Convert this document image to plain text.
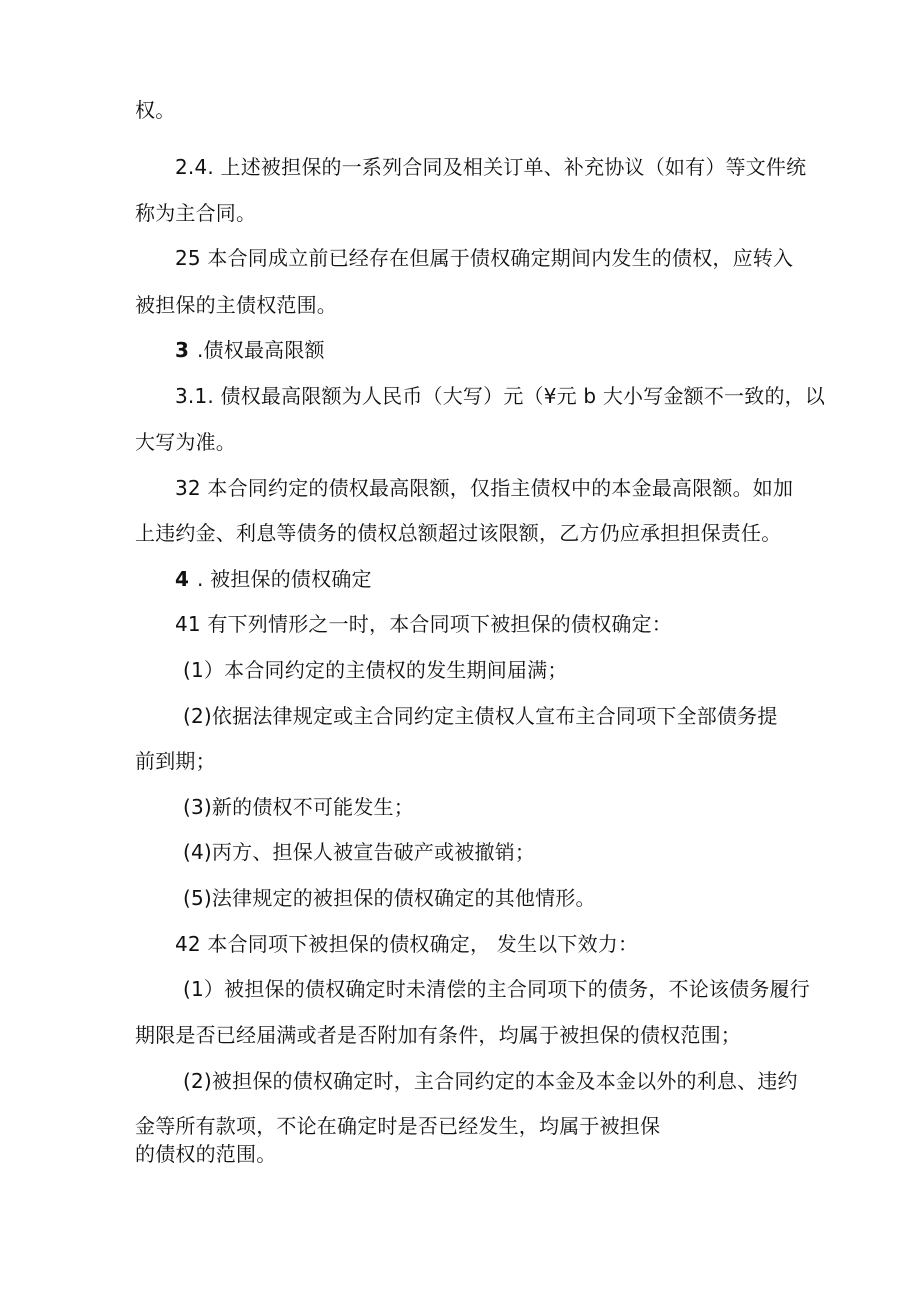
权。
2.4. 上述被担保的一系列合同及相关订单、补充协议（如有）等文件统
称为主合同。
25 本合同成立前已经存在但属于债权确定期间内发生的债权，应转入
被担保的主债权范围。
3 .债权最高限额
3.1. 债权最高限额为人民币（大写）元（¥元 b 大小写金额不一致的，以
大写为准。
32 本合同约定的债权最高限额，仅指主债权中的本金最高限额。如加
上违约金、利息等债务的债权总额超过该限额，乙方仍应承担担保责任。
4 . 被担保的债权确定
41 有下列情形之一时，本合同项下被担保的债权确定：
(1）本合同约定的主债权的发生期间届满；
(2)依据法律规定或主合同约定主债权人宣布主合同项下全部债务提
前到期；
(3)新的债权不可能发生；
(4)丙方、担保人被宣告破产或被撤销；
(5)法律规定的被担保的债权确定的其他情形。
42 本合同项下被担保的债权确定， 发生以下效力：
(1）被担保的债权确定时未清偿的主合同项下的债务，不论该债务履行
期限是否已经届满或者是否附加有条件，均属于被担保的债权范围；
(2)被担保的债权确定时，主合同约定的本金及本金以外的利息、违约
金等所有款项，不论在确定时是否已经发生，均属于被担保
的债权的范围。
